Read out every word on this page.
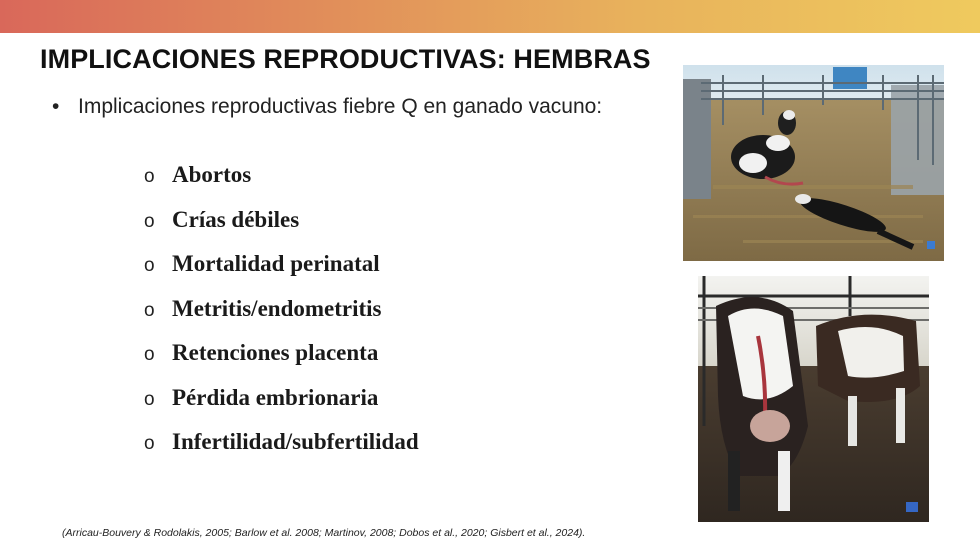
IMPLICACIONES REPRODUCTIVAS: HEMBRAS
• Implicaciones reproductivas fiebre Q en ganado vacuno:
o Abortos
o Crías débiles
o Mortalidad perinatal
o Metritis/endometritis
o Retenciones placenta
o Pérdida embrionaria
o Infertilidad/subfertilidad
(Arricau-Bouvery & Rodolakis, 2005; Barlow et al. 2008; Martinov, 2008; Dobos et al., 2020; Gisbert et al., 2024).
